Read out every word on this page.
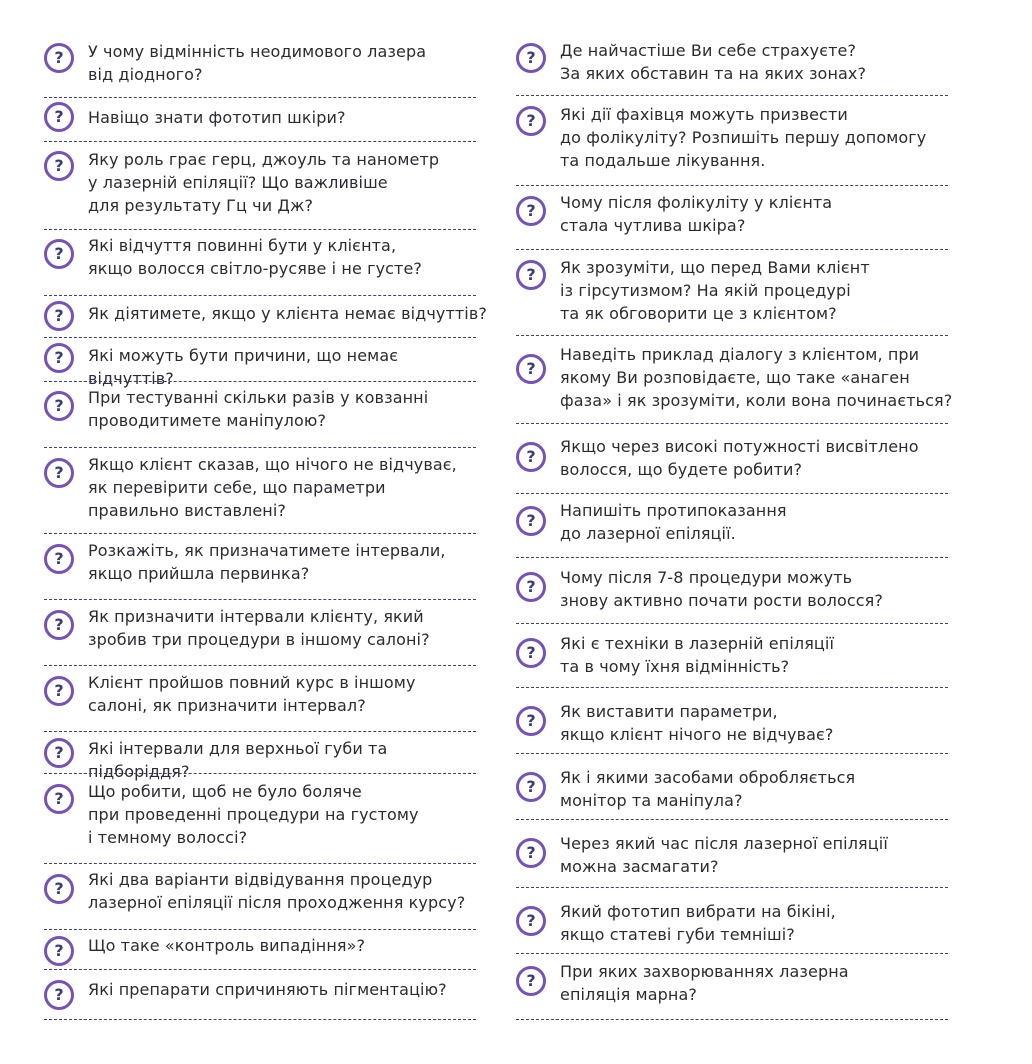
? У чому відмінність неодимового лазера
від діодного?
? Навіщо знати фототип шкіри?
? Яку роль грає герц, джоуль та нанометр
у лазерній епіляції? Що важливіше
для результату Гц чи Дж?
? Які відчуття повинні бути у клієнта,
якщо волосся світло-русяве і не густе?
? Як діятимете, якщо у клієнта немає відчуттів?
? Які можуть бути причини, що немає відчуттів?
? При тестуванні скільки разів у ковзанні
проводитимете маніпулою?
? Якщо клієнт сказав, що нічого не відчуває,
як перевірити себе, що параметри
правильно виставлені?
? Розкажіть, як призначатимете інтервали,
якщо прийшла первинка?
? Як призначити інтервали клієнту, який
зробив три процедури в іншому салоні?
? Клієнт пройшов повний курс в іншому
салоні, як призначити інтервал?
? Які інтервали для верхньої губи та підборіддя?
? Що робити, щоб не було боляче
при проведенні процедури на густому
і темному волоссі?
? Які два варіанти відвідування процедур
лазерної епіляції після проходження курсу?
? Що таке «контроль випадіння»?
? Які препарати спричиняють пігментацію?
? Де найчастіше Ви себе страхуєте?
За яких обставин та на яких зонах?
? Які дії фахівця можуть призвести
до фолікуліту? Розпишіть першу допомогу
та подальше лікування.
? Чому після фолікуліту у клієнта
стала чутлива шкіра?
? Як зрозуміти, що перед Вами клієнт
із гірсутизмом? На якій процедурі
та як обговорити це з клієнтом?
?
Наведіть приклад діалогу з клієнтом, при
якому Ви розповідаєте, що таке «анаген
фаза» і як зрозуміти, коли вона починається?
?
Якщо через високі потужності висвітлено
волосся, що будете робити?
?
Напишіть протипоказання
до лазерної епіляції.
? Чому після 7-8 процедури можуть
знову активно почати рости волосся?
? Які є техніки в лазерній епіляції
та в чому їхня відмінність?
? Як виставити параметри,
якщо клієнт нічого не відчуває?
? Як і якими засобами обробляється
монітор та маніпула?
? Через який час після лазерної епіляції
можна засмагати?
? Який фототип вибрати на бікіні,
якщо статеві губи темніші?
? При яких захворюваннях лазерна
епіляція марна?
